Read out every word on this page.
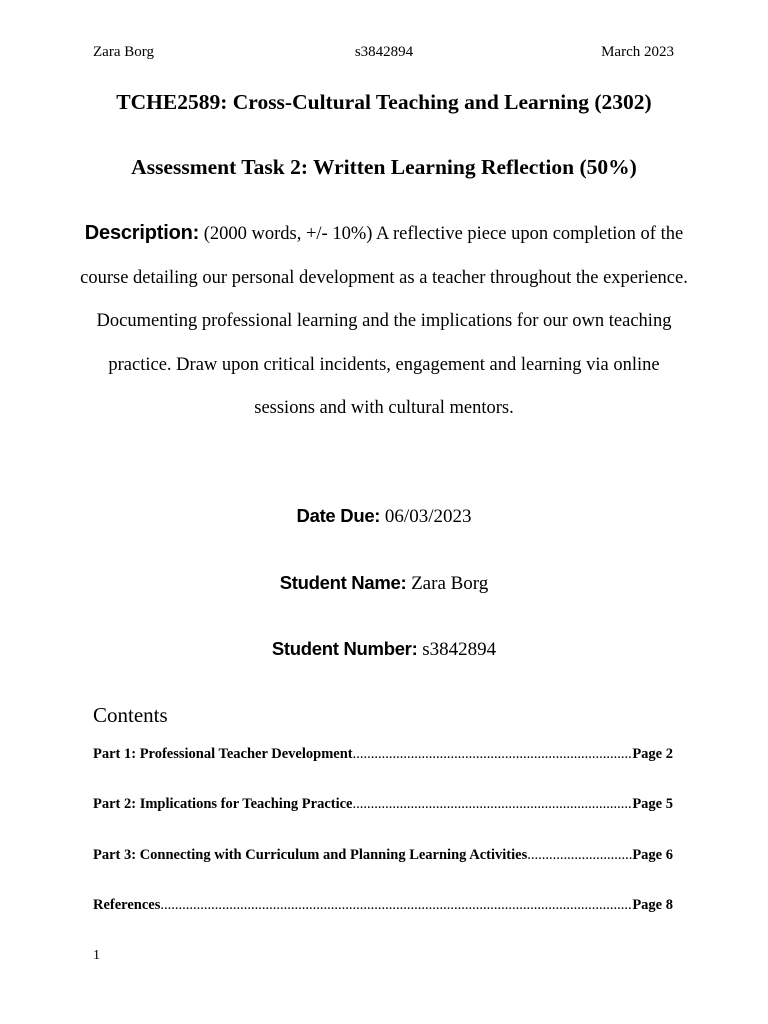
s3842894
Zara Borg	March 2023
TCHE2589: Cross-Cultural Teaching and Learning (2302)
Assessment Task 2: Written Learning Reflection (50%)
Description: (2000 words, +/- 10%) A reflective piece upon completion of the course detailing our personal development as a teacher throughout the experience. Documenting professional learning and the implications for our own teaching practice. Draw upon critical incidents, engagement and learning via online sessions and with cultural mentors.
Date Due: 06/03/2023
Student Name: Zara Borg
Student Number: s3842894
Contents
Part 1: Professional Teacher Development .....	Page 2
Part 2: Implications for Teaching Practice .....	Page 5
Part 3: Connecting with Curriculum and Planning Learning Activities .....	Page 6
References .....	Page 8
1
